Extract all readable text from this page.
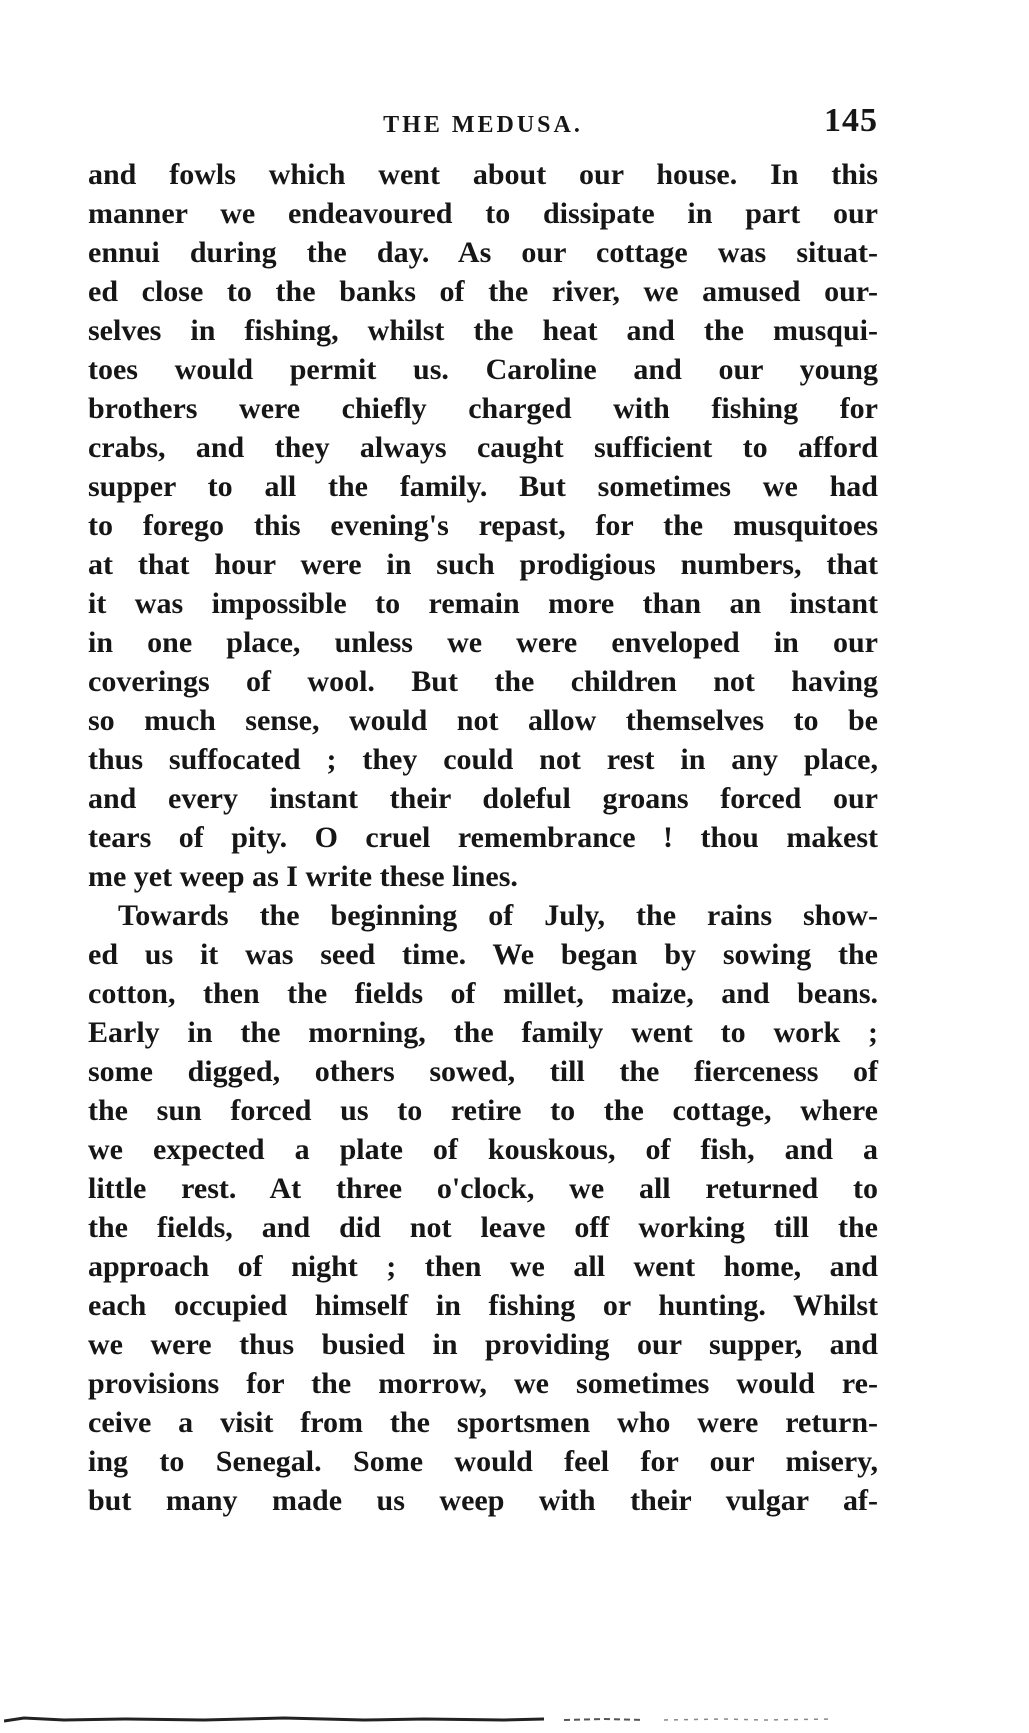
THE MEDUSA.	145
and fowls which went about our house. In this
manner we endeavoured to dissipate in part our
ennui during the day. As our cottage was situat-
ed close to the banks of the river, we amused our-
selves in fishing, whilst the heat and the musqui-
toes would permit us. Caroline and our young
brothers were chiefly charged with fishing for
crabs, and they always caught sufficient to afford
supper to all the family. But sometimes we had
to forego this evening's repast, for the musquitoes
at that hour were in such prodigious numbers, that
it was impossible to remain more than an instant
in one place, unless we were enveloped in our
coverings of wool. But the children not having
so much sense, would not allow themselves to be
thus suffocated ; they could not rest in any place,
and every instant their doleful groans forced our
tears of pity. O cruel remembrance ! thou makest
me yet weep as I write these lines.
Towards the beginning of July, the rains show-
ed us it was seed time. We began by sowing the
cotton, then the fields of millet, maize, and beans.
Early in the morning, the family went to work ;
some digged, others sowed, till the fierceness of
the sun forced us to retire to the cottage, where
we expected a plate of kouskous, of fish, and a
little rest. At three o'clock, we all returned to
the fields, and did not leave off working till the
approach of night ; then we all went home, and
each occupied himself in fishing or hunting. Whilst
we were thus busied in providing our supper, and
provisions for the morrow, we sometimes would re-
ceive a visit from the sportsmen who were return-
ing to Senegal. Some would feel for our misery,
but many made us weep with their vulgar af-
